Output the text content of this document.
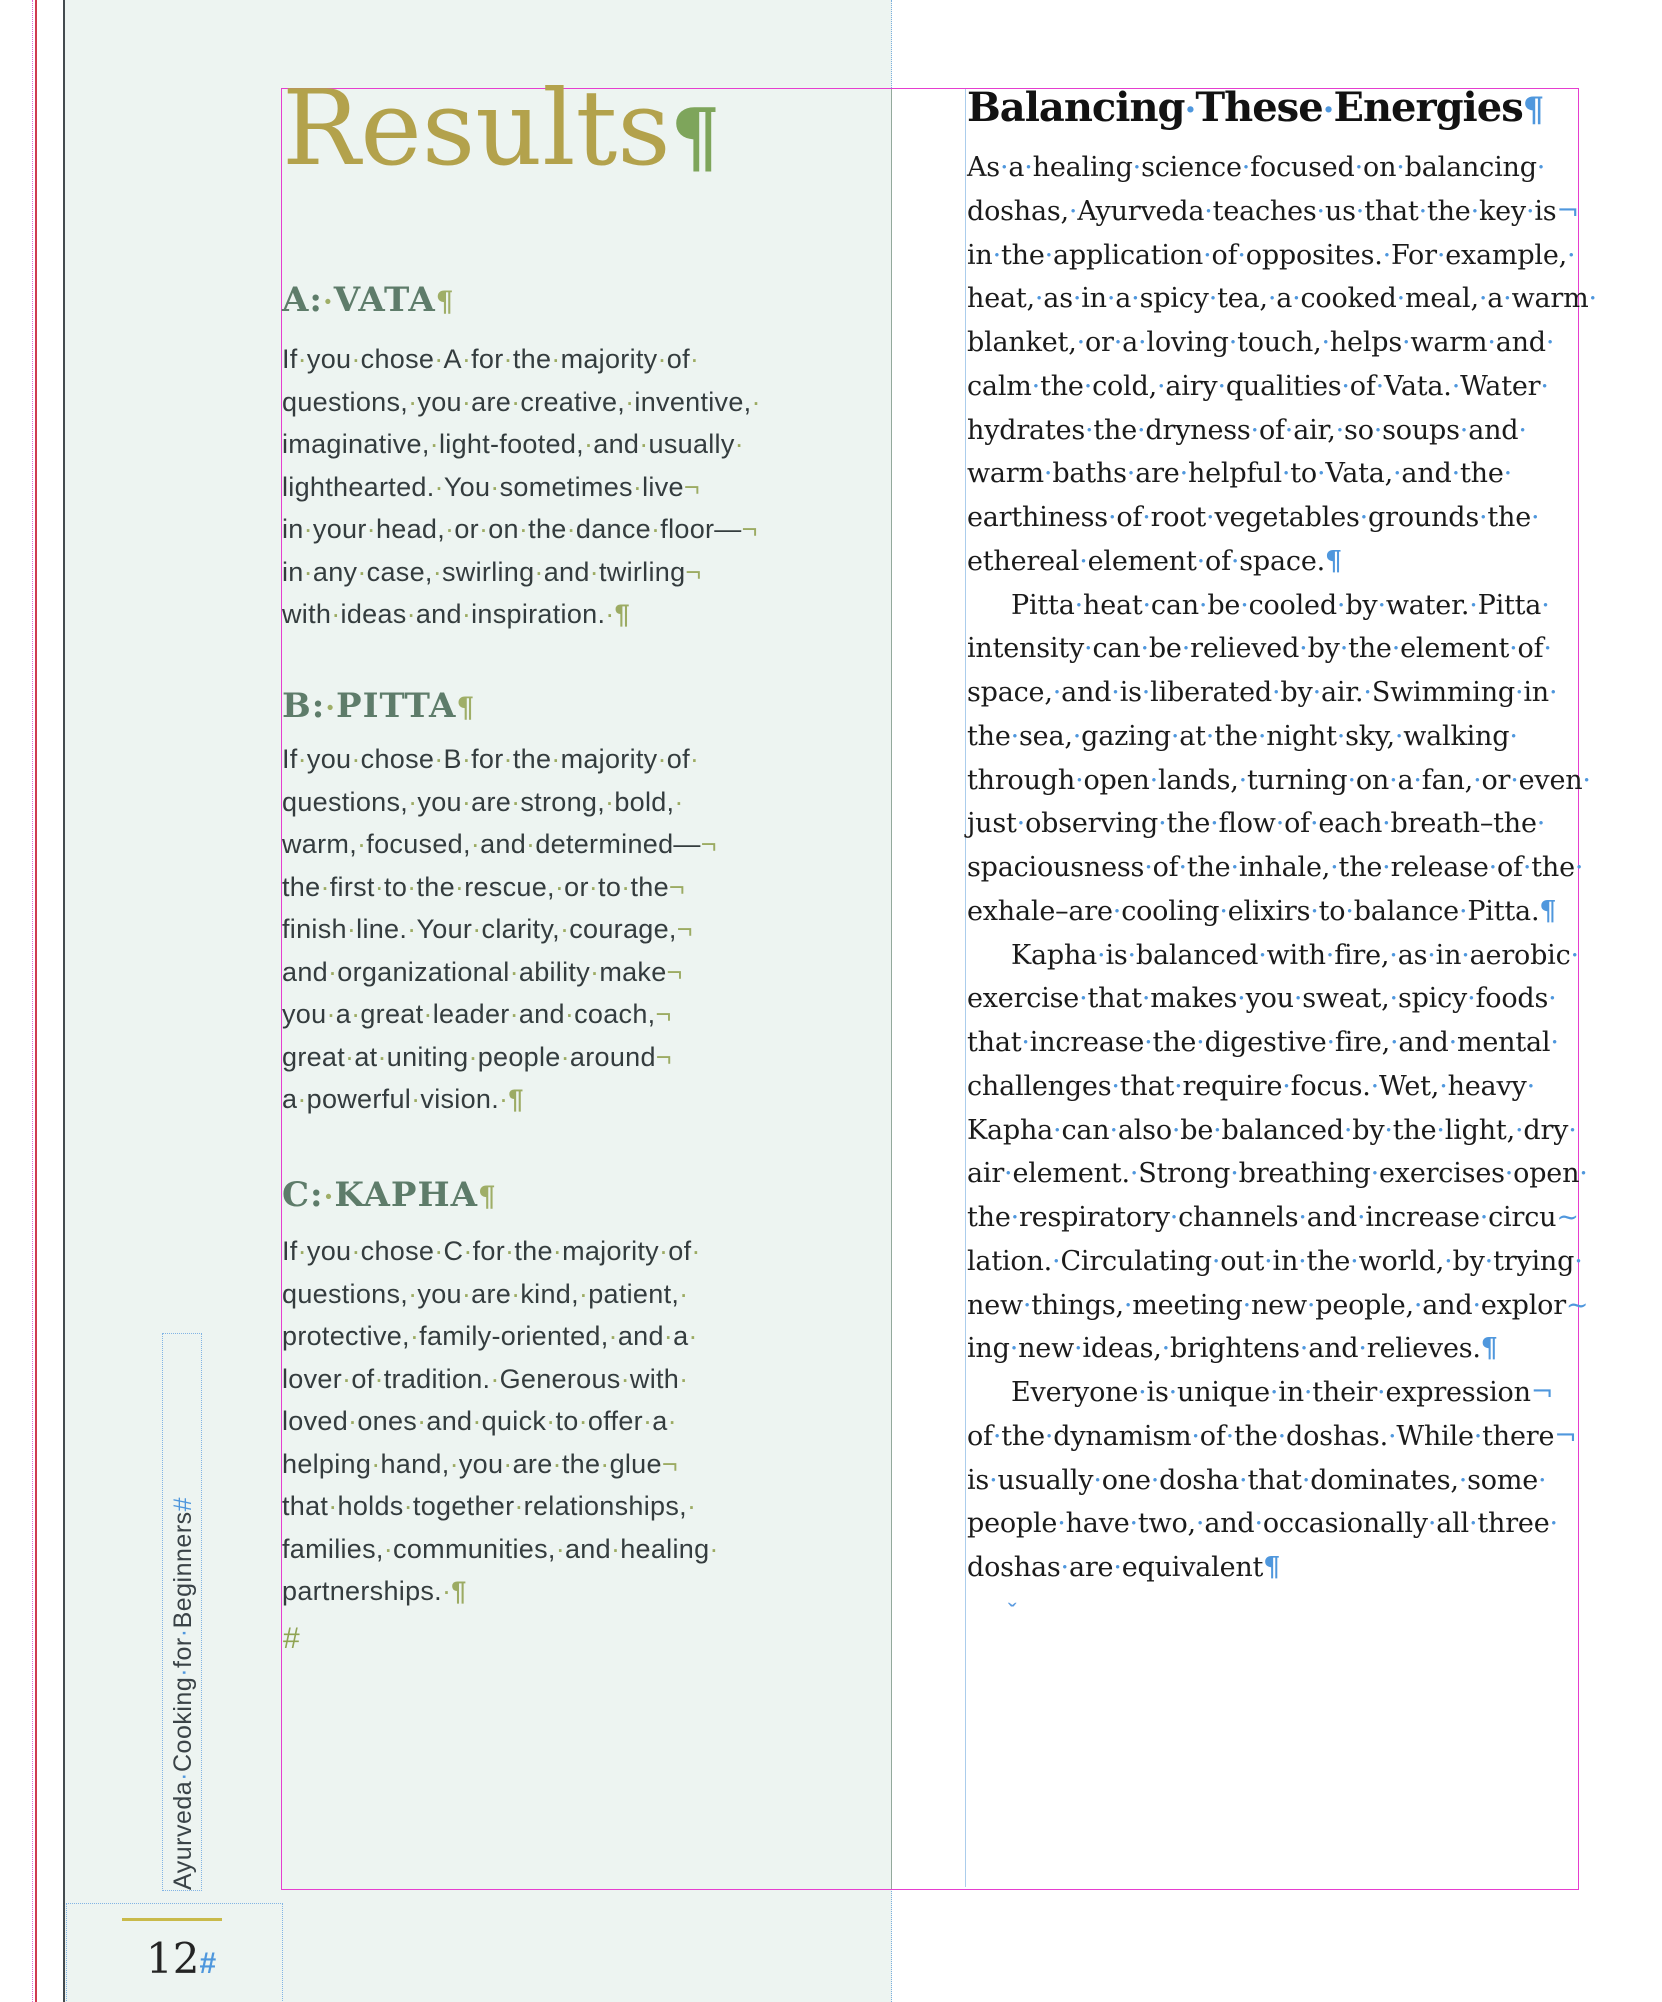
Results¶
A:·VATA¶
If·you·chose·A·for·the·majority·of·
questions,·you·are·creative,·inventive,·
imaginative,·light-footed,·and·usually·
lighthearted.·You·sometimes·live¬
in·your·head,·or·on·the·dance·floor—¬
in·any·case,·swirling·and·twirling¬
with·ideas·and·inspiration.·¶
B:·PITTA¶
If·you·chose·B·for·the·majority·of·
questions,·you·are·strong,·bold,·
warm,·focused,·and·determined—¬
the·first·to·the·rescue,·or·to·the¬
finish·line.·Your·clarity,·courage,¬
and·organizational·ability·make¬
you·a·great·leader·and·coach,¬
great·at·uniting·people·around¬
a·powerful·vision.·¶
C:·KAPHA¶
If·you·chose·C·for·the·majority·of·
questions,·you·are·kind,·patient,·
protective,·family-oriented,·and·a·
lover·of·tradition.·Generous·with·
loved·ones·and·quick·to·offer·a·
helping·hand,·you·are·the·glue¬
that·holds·together·relationships,·
families,·communities,·and·healing·
partnerships.·¶
#
Balancing·These·Energies¶
As·a·healing·science·focused·on·balancing·
doshas,·Ayurveda·teaches·us·that·the·key·is¬
in·the·application·of·opposites.·For·example,·
heat,·as·in·a·spicy·tea,·a·cooked·meal,·a·warm·
blanket,·or·a·loving·touch,·helps·warm·and·
calm·the·cold,·airy·qualities·of·Vata.·Water·
hydrates·the·dryness·of·air,·so·soups·and·
warm·baths·are·helpful·to·Vata,·and·the·
earthiness·of·root·vegetables·grounds·the·
ethereal·element·of·space.¶
Pitta·heat·can·be·cooled·by·water.·Pitta·
intensity·can·be·relieved·by·the·element·of·
space,·and·is·liberated·by·air.·Swimming·in·
the·sea,·gazing·at·the·night·sky,·walking·
through·open·lands,·turning·on·a·fan,·or·even·
just·observing·the·flow·of·each·breath–the·
spaciousness·of·the·inhale,·the·release·of·the·
exhale–are·cooling·elixirs·to·balance·Pitta.¶
Kapha·is·balanced·with·fire,·as·in·aerobic·
exercise·that·makes·you·sweat,·spicy·foods·
that·increase·the·digestive·fire,·and·mental·
challenges·that·require·focus.·Wet,·heavy·
Kapha·can·also·be·balanced·by·the·light,·dry·
air·element.·Strong·breathing·exercises·open·
the·respiratory·channels·and·increase·circu~
lation.·Circulating·out·in·the·world,·by·trying·
new·things,·meeting·new·people,·and·explor~
ing·new·ideas,·brightens·and·relieves.¶
Everyone·is·unique·in·their·expression¬
of·the·dynamism·of·the·doshas.·While·there¬
is·usually·one·dosha·that·dominates,·some·
people·have·two,·and·occasionally·all·three·
doshas·are·equivalent¶
ˇ
Ayurveda·Cooking·for·Beginners#
12#
